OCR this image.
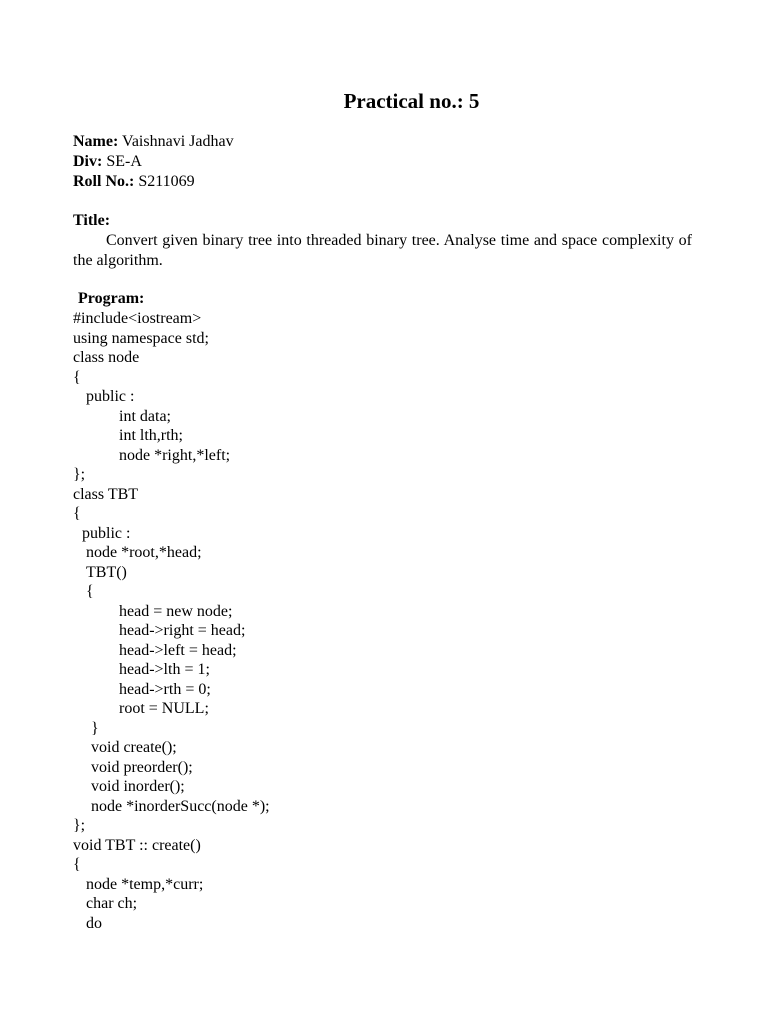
Practical no.: 5
Name: Vaishnavi Jadhav
Div: SE-A
Roll No.: S211069
Title:
Convert given binary tree into threaded binary tree. Analyse time and space complexity of the algorithm.
Program:
#include<iostream>
using namespace std;
class node
{
public :
int data;
int lth,rth;
node *right,*left;
};
class TBT
{
public :
node *root,*head;
TBT()
{
head = new node;
head->right = head;
head->left = head;
head->lth = 1;
head->rth = 0;
root = NULL;
}
void create();
void preorder();
void inorder();
node *inorderSucc(node *);
};
void TBT :: create()
{
node *temp,*curr;
char ch;
do
